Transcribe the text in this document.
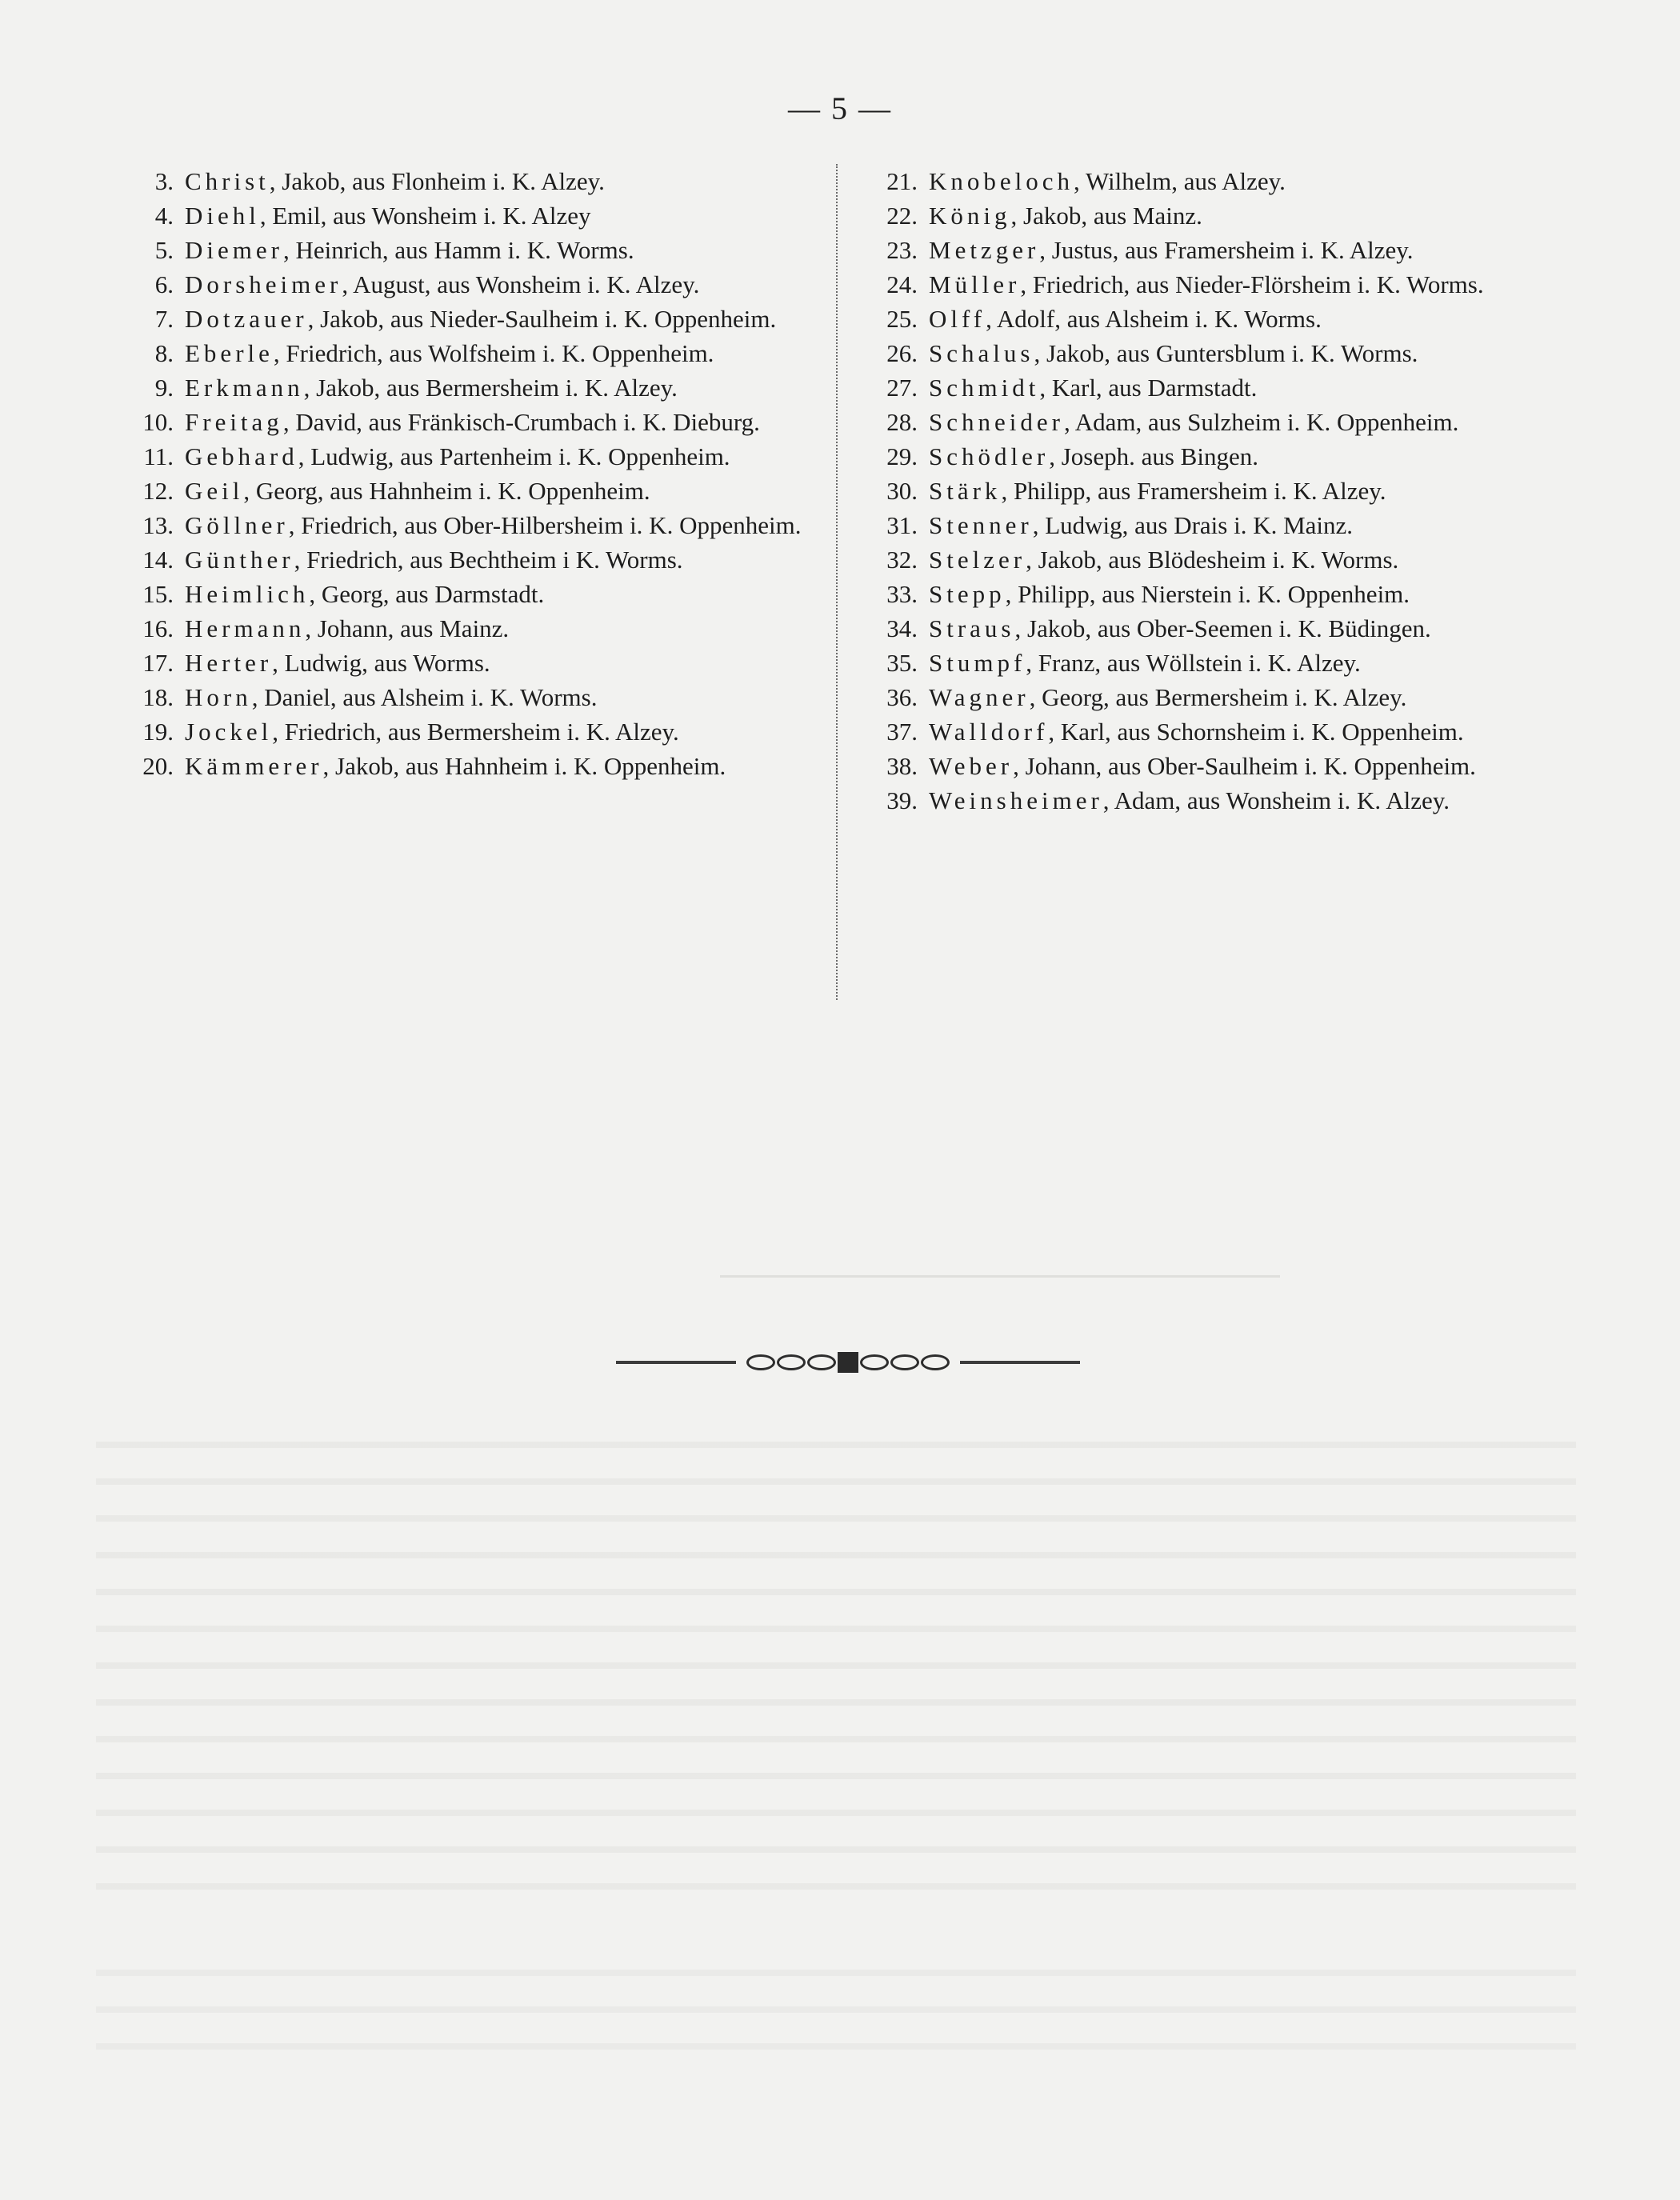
— 5 —
3. Christ, Jakob, aus Flonheim i. K. Alzey.
4. Diehl, Emil, aus Wonsheim i. K. Alzey
5. Diemer, Heinrich, aus Hamm i. K. Worms.
6. Dorsheimer, August, aus Wonsheim i. K. Alzey.
7. Dotzauer, Jakob, aus Nieder-Saulheim i. K. Oppenheim.
8. Eberle, Friedrich, aus Wolfsheim i. K. Oppenheim.
9. Erkmann, Jakob, aus Bermersheim i. K. Alzey.
10. Freitag, David, aus Fränkisch-Crumbach i. K. Dieburg.
11. Gebhard, Ludwig, aus Partenheim i. K. Oppenheim.
12. Geil, Georg, aus Hahnheim i. K. Oppenheim.
13. Göllner, Friedrich, aus Ober-Hilbersheim i. K. Oppenheim.
14. Günther, Friedrich, aus Bechtheim i K. Worms.
15. Heimlich, Georg, aus Darmstadt.
16. Hermann, Johann, aus Mainz.
17. Herter, Ludwig, aus Worms.
18. Horn, Daniel, aus Alsheim i. K. Worms.
19. Jockel, Friedrich, aus Bermersheim i. K. Alzey.
20. Kämmerer, Jakob, aus Hahnheim i. K. Oppenheim.
21. Knobeloch, Wilhelm, aus Alzey.
22. König, Jakob, aus Mainz.
23. Metzger, Justus, aus Framersheim i. K. Alzey.
24. Müller, Friedrich, aus Nieder-Flörsheim i. K. Worms.
25. Olff, Adolf, aus Alsheim i. K. Worms.
26. Schalus, Jakob, aus Guntersblum i. K. Worms.
27. Schmidt, Karl, aus Darmstadt.
28. Schneider, Adam, aus Sulzheim i. K. Oppenheim.
29. Schödler, Joseph. aus Bingen.
30. Stärk, Philipp, aus Framersheim i. K. Alzey.
31. Stenner, Ludwig, aus Drais i. K. Mainz.
32. Stelzer, Jakob, aus Blödesheim i. K. Worms.
33. Stepp, Philipp, aus Nierstein i. K. Oppenheim.
34. Straus, Jakob, aus Ober-Seemen i. K. Büdingen.
35. Stumpf, Franz, aus Wöllstein i. K. Alzey.
36. Wagner, Georg, aus Bermersheim i. K. Alzey.
37. Walldorf, Karl, aus Schornsheim i. K. Oppenheim.
38. Weber, Johann, aus Ober-Saulheim i. K. Oppenheim.
39. Weinsheimer, Adam, aus Wonsheim i. K. Alzey.
